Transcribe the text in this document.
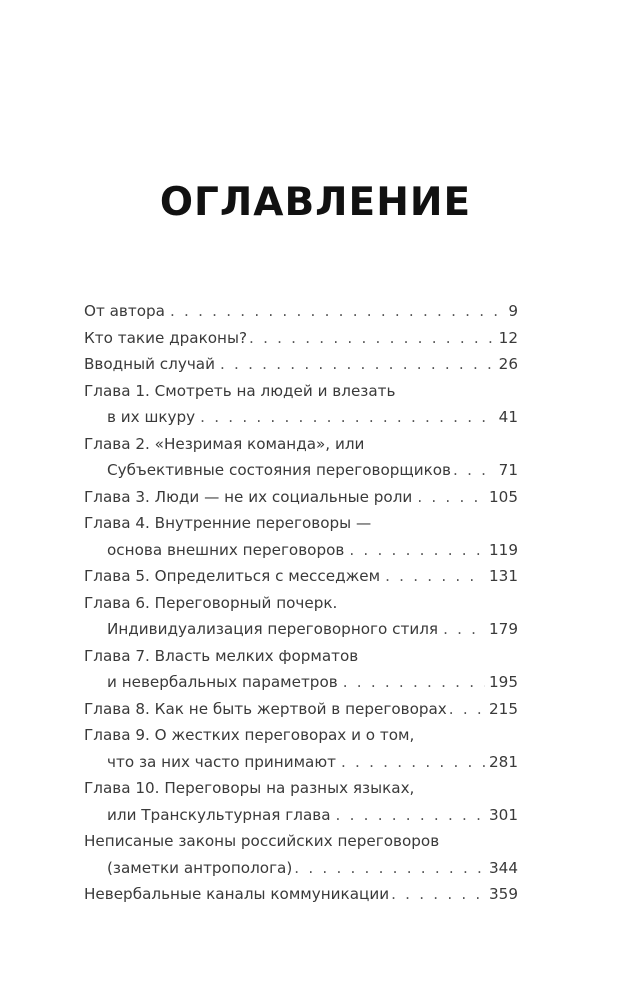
ОГЛАВЛЕНИЕ
От автора . . .	9
Кто такие драконы? . . .	12
Вводный случай . . .	26
Глава 1. Смотреть на людей и влезать
в их шкуру . . .	41
Глава 2. «Незримая команда», или
Субъективные состояния переговорщиков . . .	71
Глава 3. Люди — не их социальные роли . . .	105
Глава 4. Внутренние переговоры —
основа внешних переговоров . . .	119
Глава 5. Определиться с месседжем . . .	131
Глава 6. Переговорный почерк.
Индивидуализация переговорного стиля . . .	179
Глава 7. Власть мелких форматов
и невербальных параметров . . .	195
Глава 8. Как не быть жертвой в переговорах . . .	215
Глава 9. О жестких переговорах и о том,
что за них часто принимают . . .	281
Глава 10. Переговоры на разных языках,
или Транскультурная глава . . .	301
Неписаные законы российских переговоров
(заметки антрополога) . . .	344
Невербальные каналы коммуникации . . .	359
